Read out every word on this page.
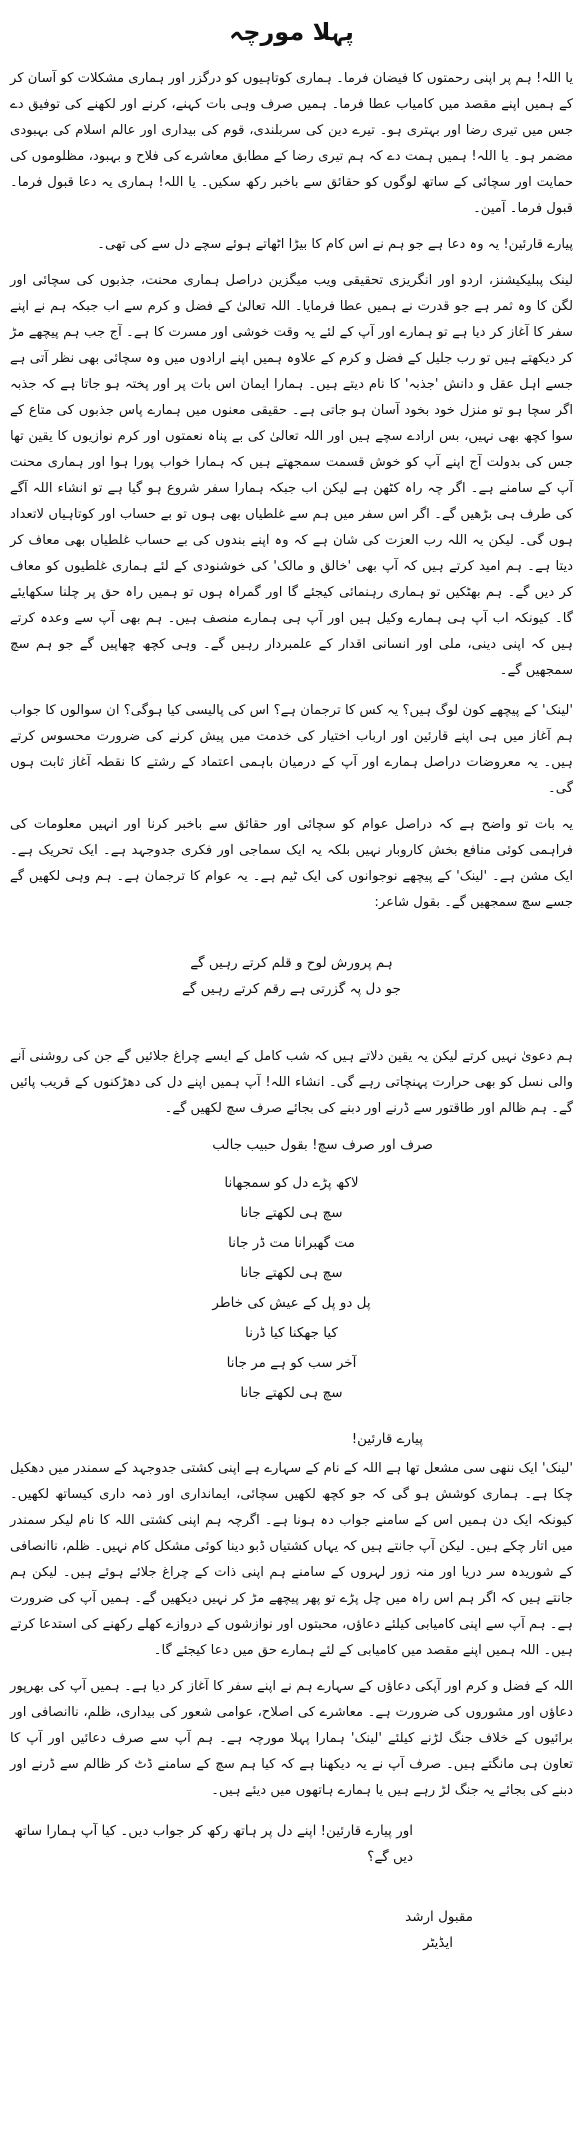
پہلا مورچہ

یا اللہ! ہم پر اپنی رحمتوں کا فیضان فرما۔ ہماری کوتاہیوں کو درگزر اور ہماری مشکلات کو آسان کر کے ہمیں اپنے مقصد میں کامیاب عطا فرما۔ ہمیں صرف وہی بات کہنے، کرنے اور لکھنے کی توفیق دے جس میں تیری رضا اور بہتری ہو۔ تیرے دین کی سربلندی، قوم کی بیداری اور عالم اسلام کی بہبودی مضمر ہو۔ یا اللہ! ہمیں ہمت دے کہ ہم تیری رضا کے مطابق معاشرے کی فلاح و بہبود، مظلوموں کی حمایت اور سچائی کے ساتھ لوگوں کو حقائق سے باخبر رکھ سکیں۔ یا اللہ! ہماری یہ دعا قبول فرما۔ قبول فرما۔ آمین۔

پیارے قارئین! یہ وہ دعا ہے جو ہم نے اس کام کا بیڑا اٹھاتے ہوئے سچے دل سے کی تھی۔

لینک پبلیکیشنز، اردو اور انگریزی تحقیقی ویب میگزین دراصل ہماری محنت، جذبوں کی سچائی اور لگن کا وہ ثمر ہے جو قدرت نے ہمیں عطا فرمایا۔ اللہ تعالیٰ کے فضل و کرم سے اب جبکہ ہم نے اپنے سفر کا آغاز کر دیا ہے تو ہمارے اور آپ کے لئے یہ وقت خوشی اور مسرت کا ہے۔ آج جب ہم پیچھے مڑ کر دیکھتے ہیں تو رب جلیل کے فضل و کرم کے علاوہ ہمیں اپنے ارادوں میں وہ سچائی بھی نظر آتی ہے جسے اہل عقل و دانش 'جذبہ' کا نام دیتے ہیں۔ ہمارا ایمان اس بات پر اور پختہ ہو جاتا ہے کہ جذبہ اگر سچا ہو تو منزل خود بخود آسان ہو جاتی ہے۔ حقیقی معنوں میں ہمارے پاس جذبوں کی متاع کے سوا کچھ بھی نہیں، بس ارادے سچے ہیں اور اللہ تعالیٰ کی بے پناہ نعمتوں اور کرم نوازیوں کا یقین تھا جس کی بدولت آج اپنے آپ کو خوش قسمت سمجھتے ہیں کہ ہمارا خواب پورا ہوا اور ہماری محنت آپ کے سامنے ہے۔ اگر چہ راہ کٹھن ہے لیکن اب جبکہ ہمارا سفر شروع ہو گیا ہے تو انشاء اللہ آگے کی طرف ہی بڑھیں گے۔ اگر اس سفر میں ہم سے غلطیاں بھی ہوں تو بے حساب اور کوتاہیاں لاتعداد ہوں گی۔ لیکن یہ اللہ رب العزت کی شان ہے کہ وہ اپنے بندوں کی بے حساب غلطیاں بھی معاف کر دیتا ہے۔ ہم امید کرتے ہیں کہ آپ بھی 'خالق و مالک' کی خوشنودی کے لئے ہماری غلطیوں کو معاف کر دیں گے۔ ہم بھٹکیں تو ہماری رہنمائی کیجئے گا اور گمراہ ہوں تو ہمیں راہ حق پر چلنا سکھایئے گا۔ کیونکہ اب آپ ہی ہمارے وکیل ہیں اور آپ ہی ہمارے منصف ہیں۔ ہم بھی آپ سے وعدہ کرتے ہیں کہ اپنی دینی، ملی اور انسانی اقدار کے علمبردار رہیں گے۔ وہی کچھ چھاپیں گے جو ہم سچ سمجھیں گے۔

'لینک' کے پیچھے کون لوگ ہیں؟ یہ کس کا ترجمان ہے؟ اس کی پالیسی کیا ہوگی؟ ان سوالوں کا جواب ہم آغاز میں ہی اپنے قارئین اور ارباب اختیار کی خدمت میں پیش کرنے کی ضرورت محسوس کرتے ہیں۔ یہ معروضات دراصل ہمارے اور آپ کے درمیان باہمی اعتماد کے رشتے کا نقطہ آغاز ثابت ہوں گی۔

یہ بات تو واضح ہے کہ دراصل عوام کو سچائی اور حقائق سے باخبر کرنا اور انہیں معلومات کی فراہمی کوئی منافع بخش کاروبار نہیں بلکہ یہ ایک سماجی اور فکری جدوجہد ہے۔ ایک تحریک ہے۔ ایک مشن ہے۔ 'لینک' کے پیچھے نوجوانوں کی ایک ٹیم ہے۔ یہ عوام کا ترجمان ہے۔ ہم وہی لکھیں گے جسے سچ سمجھیں گے۔ بقول شاعر:

ہم پرورش لوح و قلم کرتے رہیں گے

جو دل پہ گزرتی ہے رقم کرتے رہیں گے

ہم دعویٰ نہیں کرتے لیکن یہ یقین دلاتے ہیں کہ شب کامل کے ایسے چراغ جلائیں گے جن کی روشنی آنے والی نسل کو بھی حرارت پہنچاتی رہے گی۔ انشاء اللہ! آپ ہمیں اپنے دل کی دھڑکنوں کے قریب پائیں گے۔ ہم ظالم اور طاقتور سے ڈرنے اور دبنے کی بجائے صرف سچ لکھیں گے۔

صرف اور صرف سچ! بقول حبیب جالب

لاکھ پڑے دل کو سمجھانا

سچ ہی لکھتے جانا

مت گھبرانا مت ڈر جانا

سچ ہی لکھتے جانا

پل دو پل کے عیش کی خاطر

کیا جھکنا کیا ڈرنا

آخر سب کو ہے مر جانا

سچ ہی لکھتے جانا

پیارے قارئین!

'لینک' ایک ننھی سی مشعل تھا ہے اللہ کے نام کے سہارے ہے اپنی کشتی جدوجہد کے سمندر میں دھکیل چکا ہے۔ ہماری کوشش ہو گی کہ جو کچھ لکھیں سچائی، ایمانداری اور ذمہ داری کیساتھ لکھیں۔ کیونکہ ایک دن ہمیں اس کے سامنے جواب دہ ہونا ہے۔ اگرچہ ہم اپنی کشتی اللہ کا نام لیکر سمندر میں اتار چکے ہیں۔ لیکن آپ جانتے ہیں کہ یہاں کشتیاں ڈبو دینا کوئی مشکل کام نہیں۔ ظلم، ناانصافی کے شوریدہ سر دریا اور منہ زور لہروں کے سامنے ہم اپنی ذات کے چراغ جلائے ہوئے ہیں۔ لیکن ہم جانتے ہیں کہ اگر ہم اس راہ میں چل پڑے تو پھر پیچھے مڑ کر نہیں دیکھیں گے۔ ہمیں آپ کی ضرورت ہے۔ ہم آپ سے اپنی کامیابی کیلئے دعاؤں، محبتوں اور نوازشوں کے دروازے کھلے رکھنے کی استدعا کرتے ہیں۔ اللہ ہمیں اپنے مقصد میں کامیابی کے لئے ہمارے حق میں دعا کیجئے گا۔

اللہ کے فضل و کرم اور آپکی دعاؤں کے سہارے ہم نے اپنے سفر کا آغاز کر دیا ہے۔ ہمیں آپ کی بھرپور دعاؤں اور مشوروں کی ضرورت ہے۔ معاشرے کی اصلاح، عوامی شعور کی بیداری، ظلم، ناانصافی اور برائیوں کے خلاف جنگ لڑنے کیلئے 'لینک' ہمارا پہلا مورچہ ہے۔ ہم آپ سے صرف دعائیں اور آپ کا تعاون ہی مانگتے ہیں۔ صرف آپ نے یہ دیکھنا ہے کہ کیا ہم سچ کے سامنے ڈٹ کر ظالم سے ڈرنے اور دبنے کی بجائے یہ جنگ لڑ رہے ہیں یا ہمارے ہاتھوں میں دیئے ہیں۔

اور پیارے قارئین! اپنے دل پر ہاتھ رکھ کر جواب دیں۔ کیا آپ ہمارا ساتھ دیں گے؟

مقبول ارشد

ایڈیٹر
